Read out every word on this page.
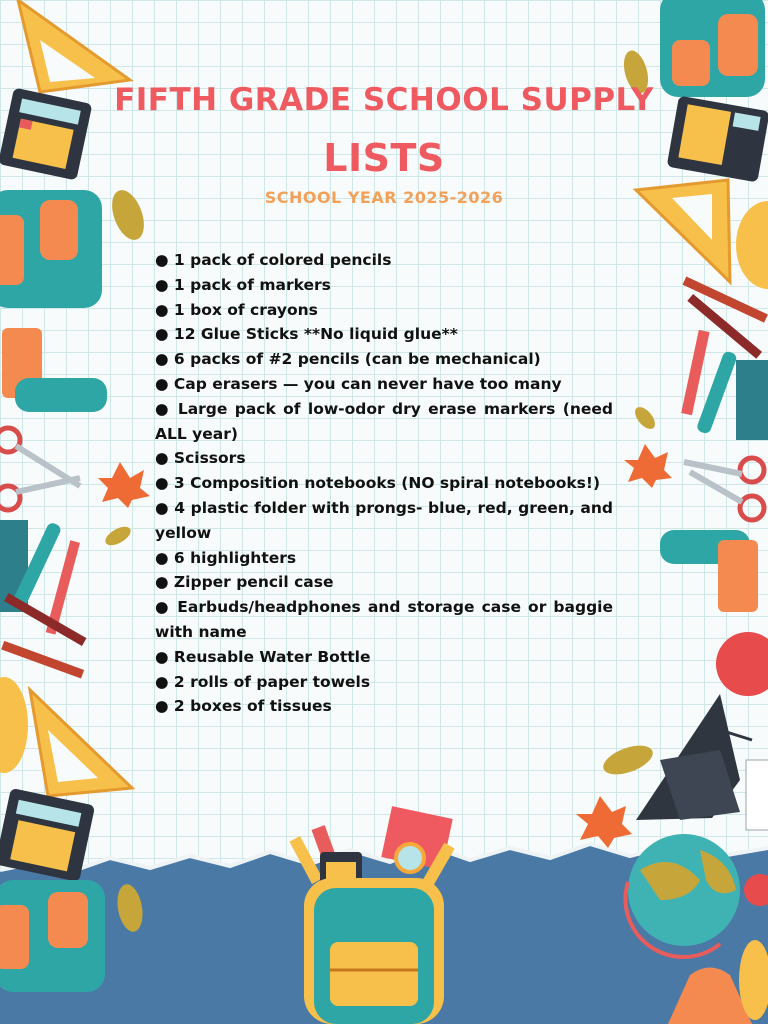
FIFTH GRADE SCHOOL SUPPLY
LISTS
SCHOOL YEAR 2025-2026
● 1 pack of colored pencils
● 1 pack of markers
● 1 box of crayons
● 12 Glue Sticks **No liquid glue**
● 6 packs of #2 pencils (can be mechanical)
● Cap erasers — you can never have too many
● Large pack of low-odor dry erase markers (need ALL year)
● Scissors
● 3 Composition notebooks (NO spiral notebooks!)
● 4 plastic folder with prongs- blue, red, green, and yellow
● 6 highlighters
● Zipper pencil case
● Earbuds/headphones and storage case or baggie with name
● Reusable Water Bottle
● 2 rolls of paper towels
● 2 boxes of tissues
